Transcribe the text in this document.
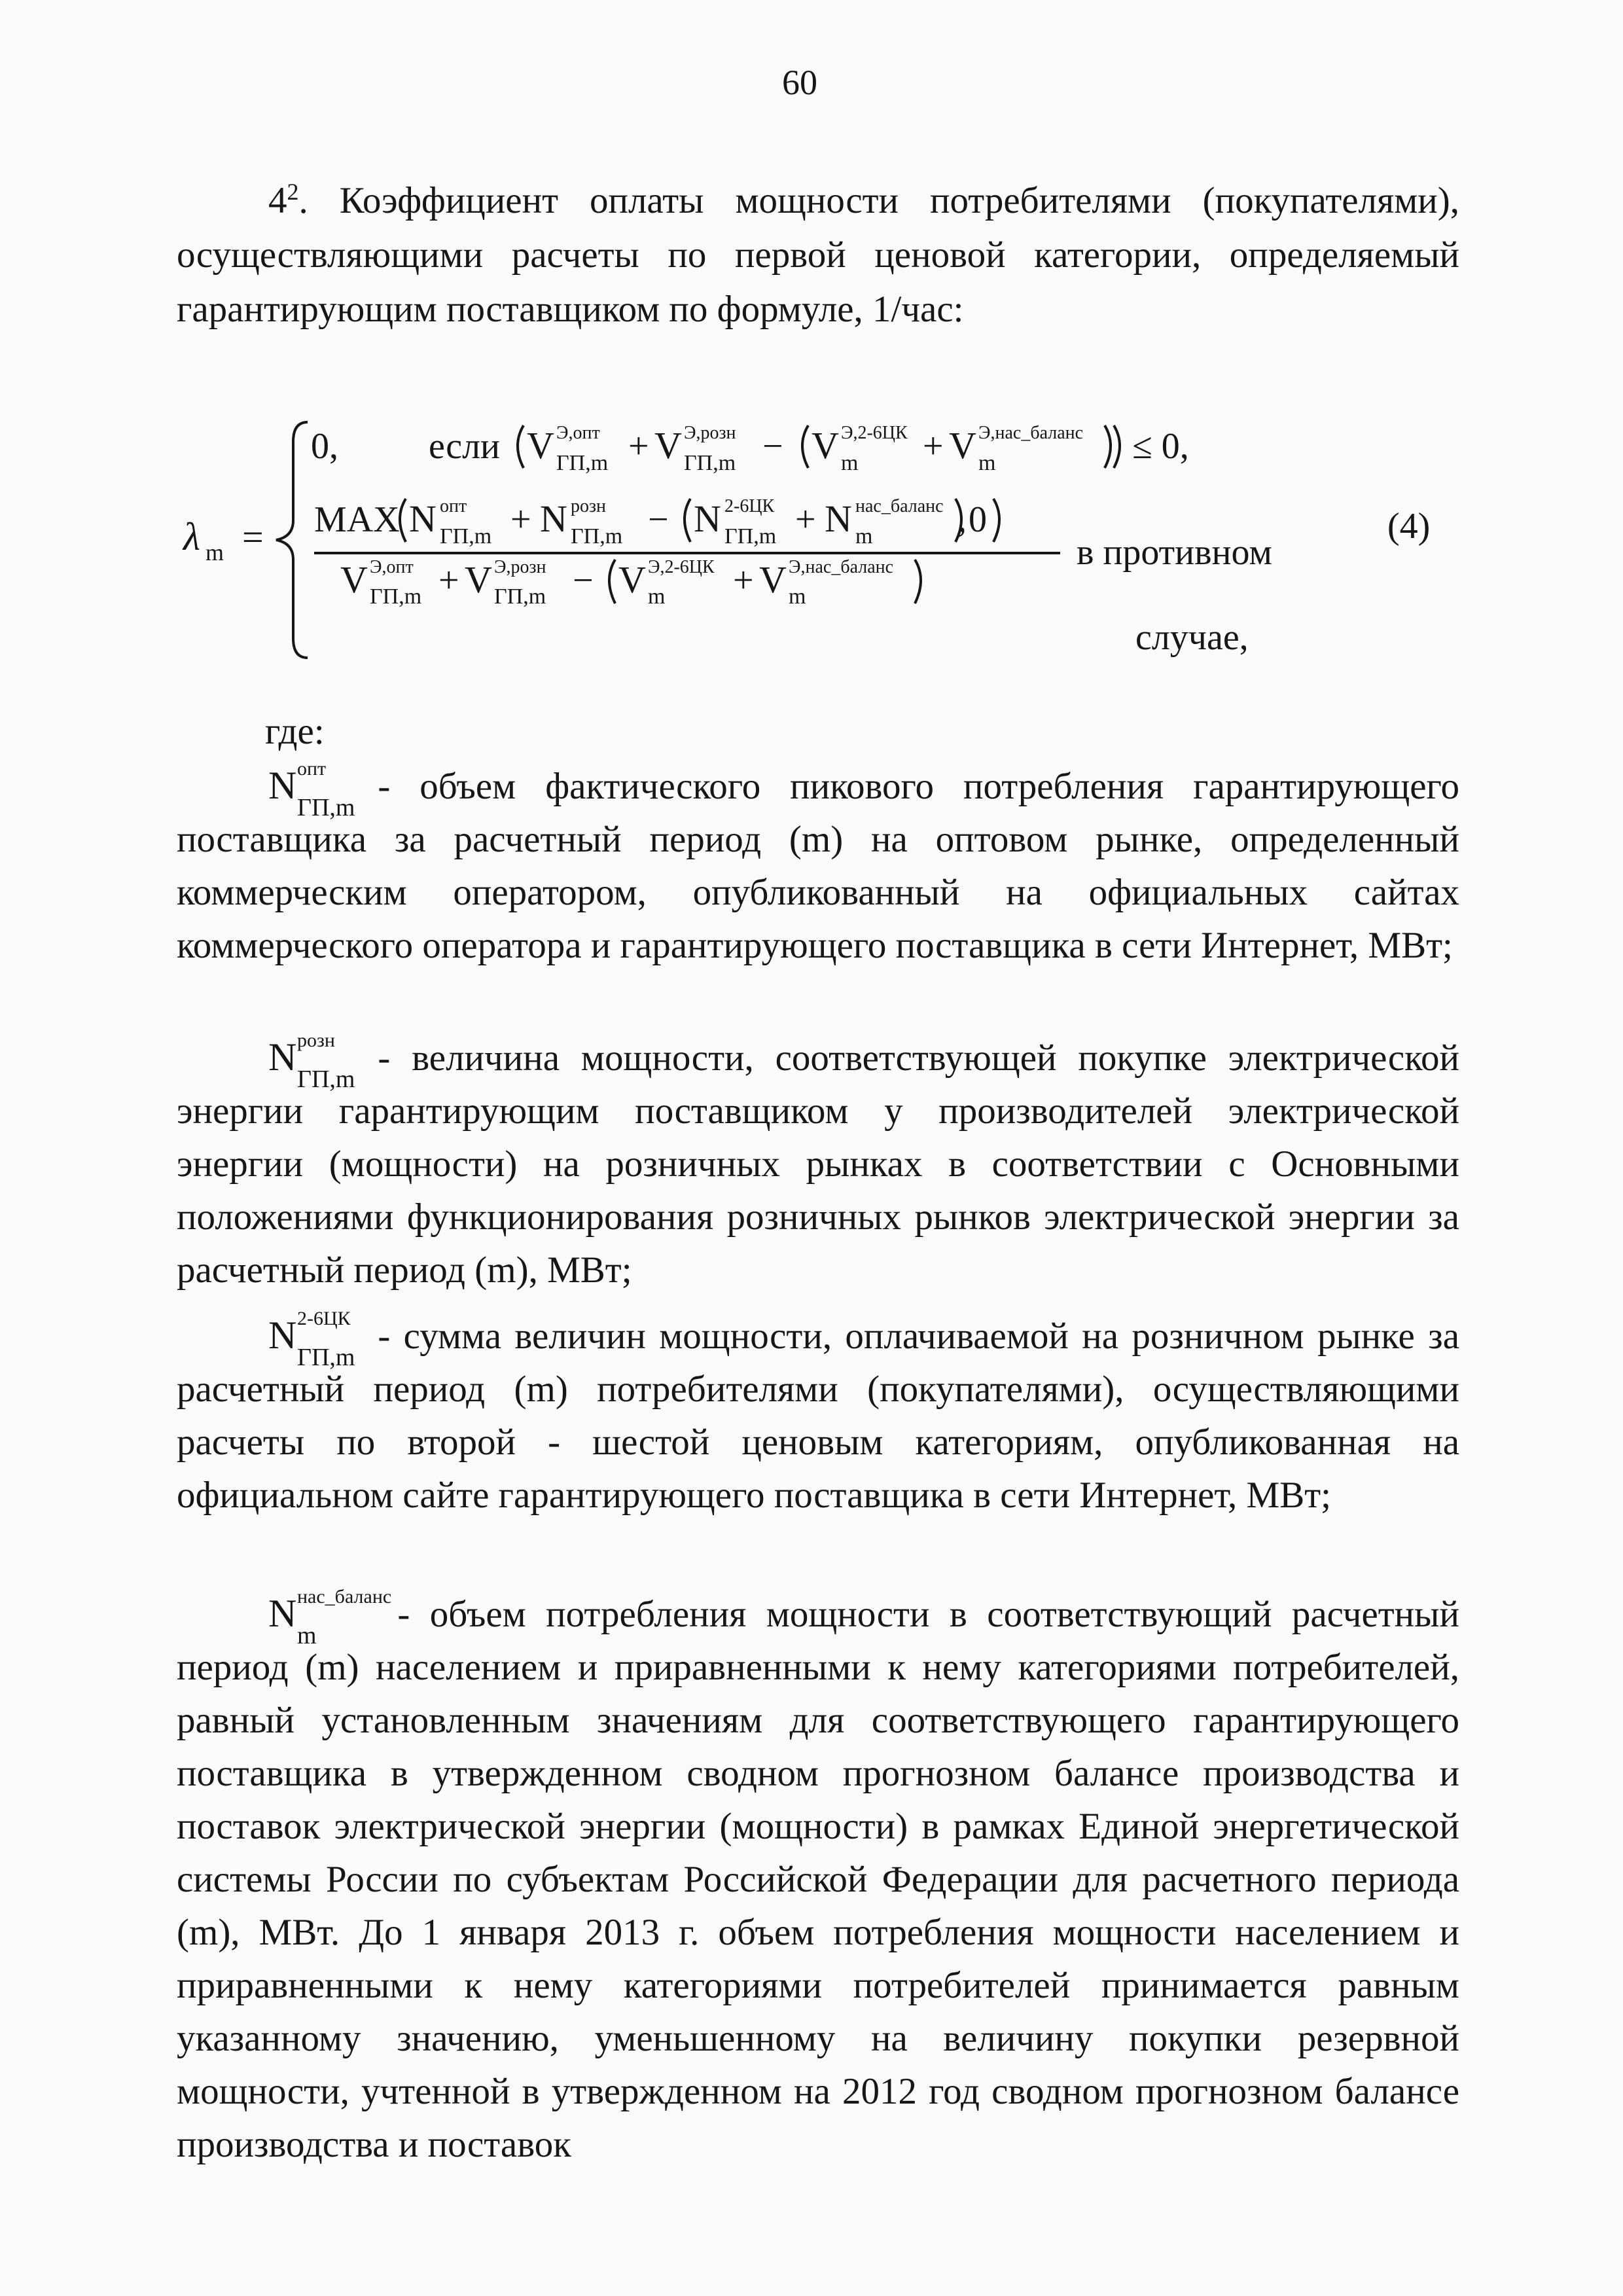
60
$4^2$. Коэффициент оплаты мощности потребителями (покупателями), осуществляющими расчеты по первой ценовой категории, определяемый гарантирующим поставщиком по формуле, 1/час:
λ m =
0, если V Э,опт
ГП,m + V Э,розн
ГП,m − V Э,2-6ЦК
m + V Э,нас_баланс
m	≤ 0,
MAX N опт
ГП,m + N розн
ГП,m − N 2-6ЦК
ГП,m + N нас_баланс
m , 0
V Э,опт
ГП,m + V Э,розн
ГП,m − V Э,2-6ЦК
m + V Э,нас_баланс
m
в противном
случае,
(4)
где:
N опт
ГП,m
- объем фактического пикового потребления гарантирующего поставщика за расчетный период (m) на оптовом рынке, определенный коммерческим оператором, опубликованный на официальных сайтах коммерческого оператора и гарантирующего поставщика в сети Интернет, МВт;
N розн
ГП,m
- величина мощности, соответствующей покупке электрической энергии гарантирующим поставщиком у производителей электрической энергии (мощности) на розничных рынках в соответствии с Основными положениями функционирования розничных рынков электрической энергии за расчетный период (m), МВт;
N 2-6ЦК
ГП,m
- сумма величин мощности, оплачиваемой на розничном рынке за расчетный период (m) потребителями (покупателями), осуществляющими расчеты по второй - шестой ценовым категориям, опубликованная на официальном сайте гарантирующего поставщика в сети Интернет, МВт;
N нас_баланс
m
- объем потребления мощности в соответствующий расчетный период (m) населением и приравненными к нему категориями потребителей, равный установленным значениям для соответствующего гарантирующего поставщика в утвержденном сводном прогнозном балансе производства и поставок электрической энергии (мощности) в рамках Единой энергетической системы России по субъектам Российской Федерации для расчетного периода (m), МВт. До 1 января 2013 г. объем потребления мощности населением и приравненными к нему категориями потребителей принимается равным указанному значению, уменьшенному на величину покупки резервной мощности, учтенной в утвержденном на 2012 год сводном прогнозном балансе производства и поставок
